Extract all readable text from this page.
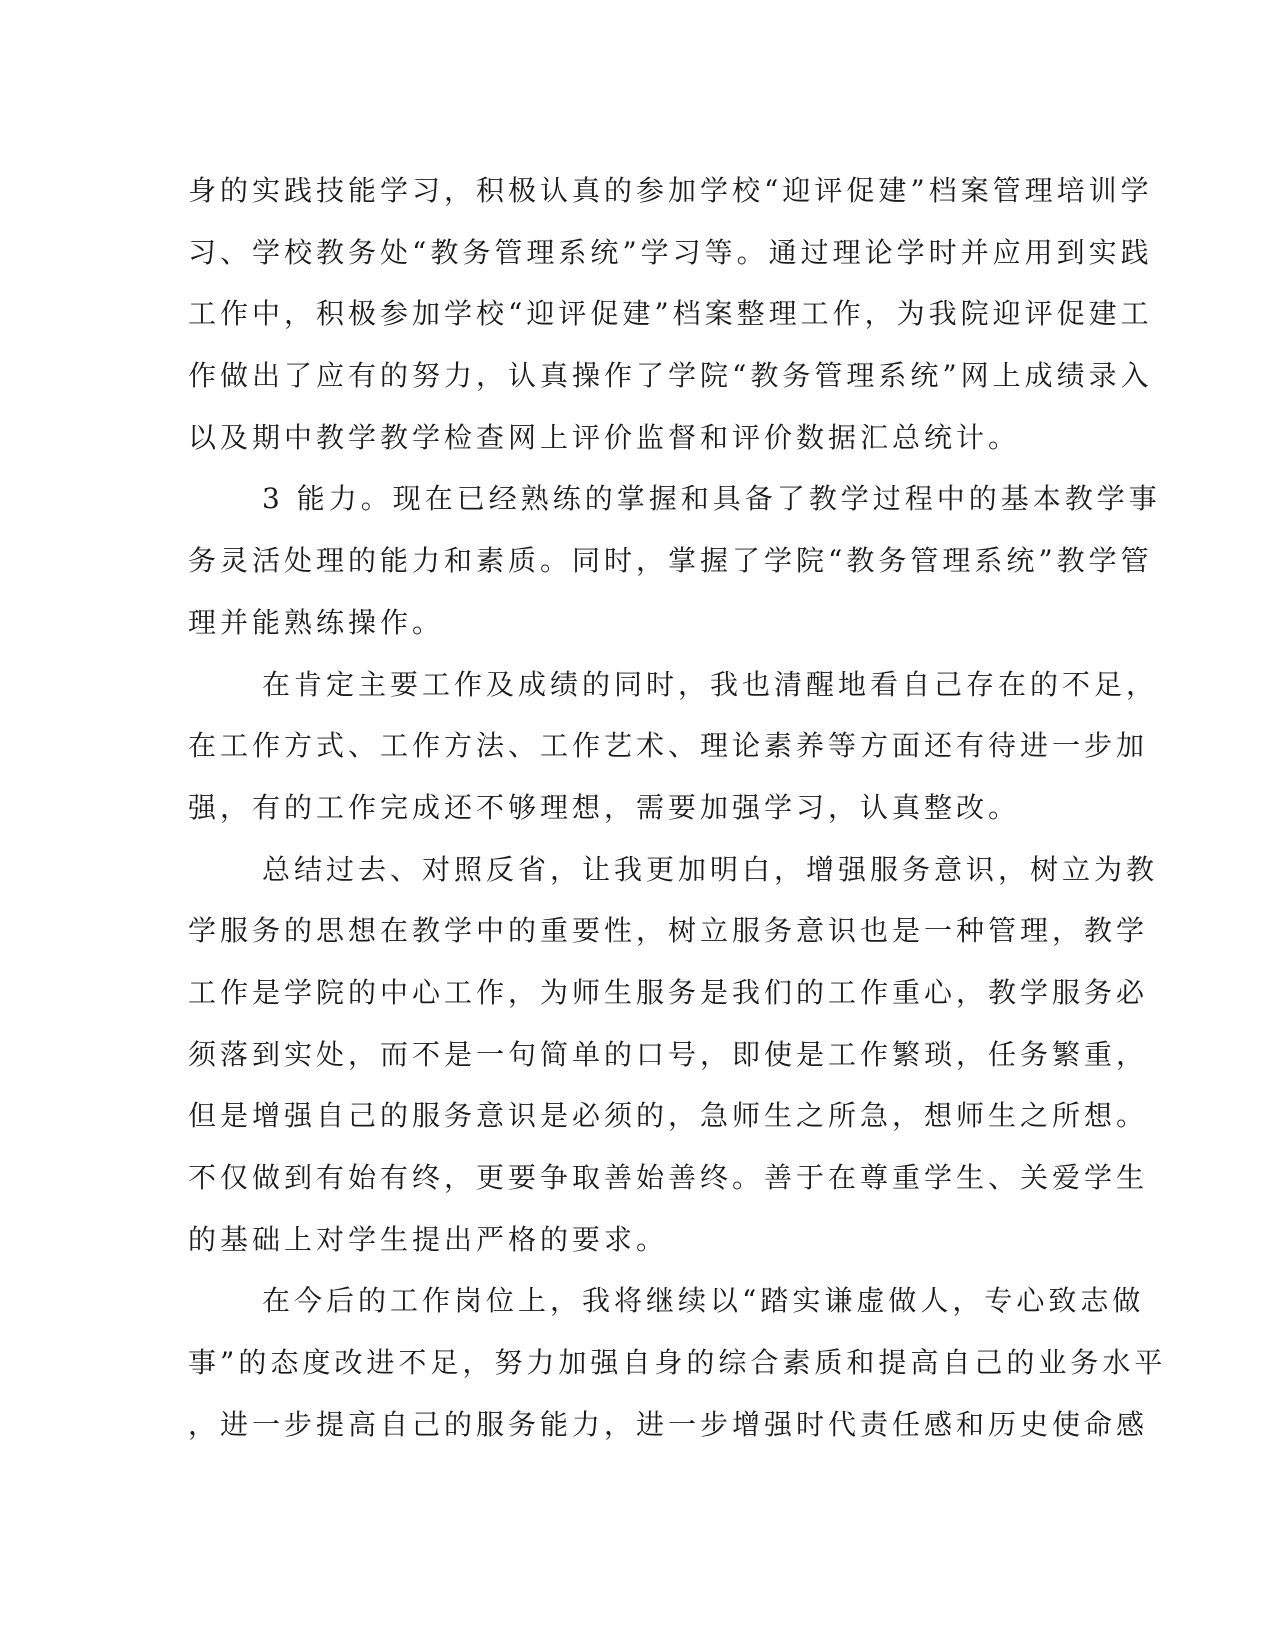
身的实践技能学习，积极认真的参加学校“迎评促建”档案管理培训学
习、学校教务处“教务管理系统”学习等。通过理论学时并应用到实践
工作中，积极参加学校“迎评促建”档案整理工作，为我院迎评促建工
作做出了应有的努力，认真操作了学院“教务管理系统”网上成绩录入
以及期中教学教学检查网上评价监督和评价数据汇总统计。
3 能力。现在已经熟练的掌握和具备了教学过程中的基本教学事
务灵活处理的能力和素质。同时，掌握了学院“教务管理系统”教学管
理并能熟练操作。
在肯定主要工作及成绩的同时，我也清醒地看自己存在的不足，
在工作方式、工作方法、工作艺术、理论素养等方面还有待进一步加
强，有的工作完成还不够理想，需要加强学习，认真整改。
总结过去、对照反省，让我更加明白，增强服务意识，树立为教
学服务的思想在教学中的重要性，树立服务意识也是一种管理，教学
工作是学院的中心工作，为师生服务是我们的工作重心，教学服务必
须落到实处，而不是一句简单的口号，即使是工作繁琐，任务繁重，
但是增强自己的服务意识是必须的，急师生之所急，想师生之所想。
不仅做到有始有终，更要争取善始善终。善于在尊重学生、关爱学生
的基础上对学生提出严格的要求。
在今后的工作岗位上，我将继续以“踏实谦虚做人，专心致志做
事”的态度改进不足，努力加强自身的综合素质和提高自己的业务水平
，进一步提高自己的服务能力，进一步增强时代责任感和历史使命感
